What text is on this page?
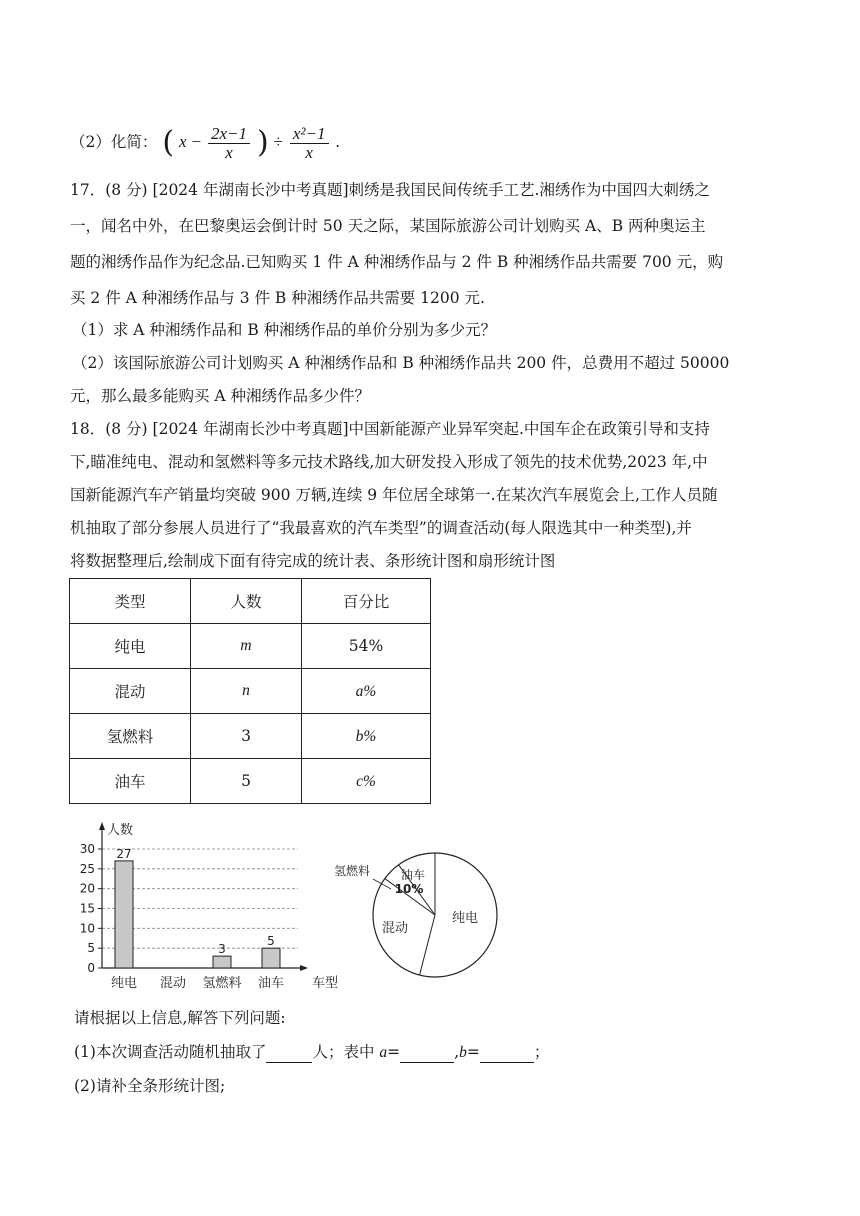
（2）化简： ( $x - \frac{2x-1}{x}$ ) ÷ $\frac{\text{x²−1}}{x}$ .
17．(8 分) [2024 年湖南长沙中考真题]刺绣是我国民间传统手工艺.湘绣作为中国四大刺绣之
一，闻名中外，在巴黎奥运会倒计时 50 天之际，某国际旅游公司计划购买 A、B 两种奥运主
题的湘绣作品作为纪念品.已知购买 1 件 A 种湘绣作品与 2 件 B 种湘绣作品共需要 700 元，购
买 2 件 A 种湘绣作品与 3 件 B 种湘绣作品共需要 1200 元.
（1）求 A 种湘绣作品和 B 种湘绣作品的单价分别为多少元？
（2）该国际旅游公司计划购买 A 种湘绣作品和 B 种湘绣作品共 200 件，总费用不超过 50000
元，那么最多能购买 A 种湘绣作品多少件？
18．(8 分) [2024 年湖南长沙中考真题]中国新能源产业异军突起.中国车企在政策引导和支持
下,瞄准纯电、混动和氢燃料等多元技术路线,加大研发投入形成了领先的技术优势,2023 年,中
国新能源汽车产销量均突破 900 万辆,连续 9 年位居全球第一.在某次汽车展览会上,工作人员随
机抽取了部分参展人员进行了“我最喜欢的汽车类型”的调查活动(每人限选其中一种类型),并
将数据整理后,绘制成下面有待完成的统计表、条形统计图和扇形统计图
类型	人数	百分比
纯电	m	54%
混动	n	a%
氢燃料	3	b%
油车	5	c%
0
5
10
15
20
25
30
人数
车型
纯电
27
混动 氢燃料
3
油车
5
纯电
混动
氢燃料	油车
10%
请根据以上信息,解答下列问题:
(1)本次调查活动随机抽取了	人；表中 a=	,b=	；
(2)请补全条形统计图;
